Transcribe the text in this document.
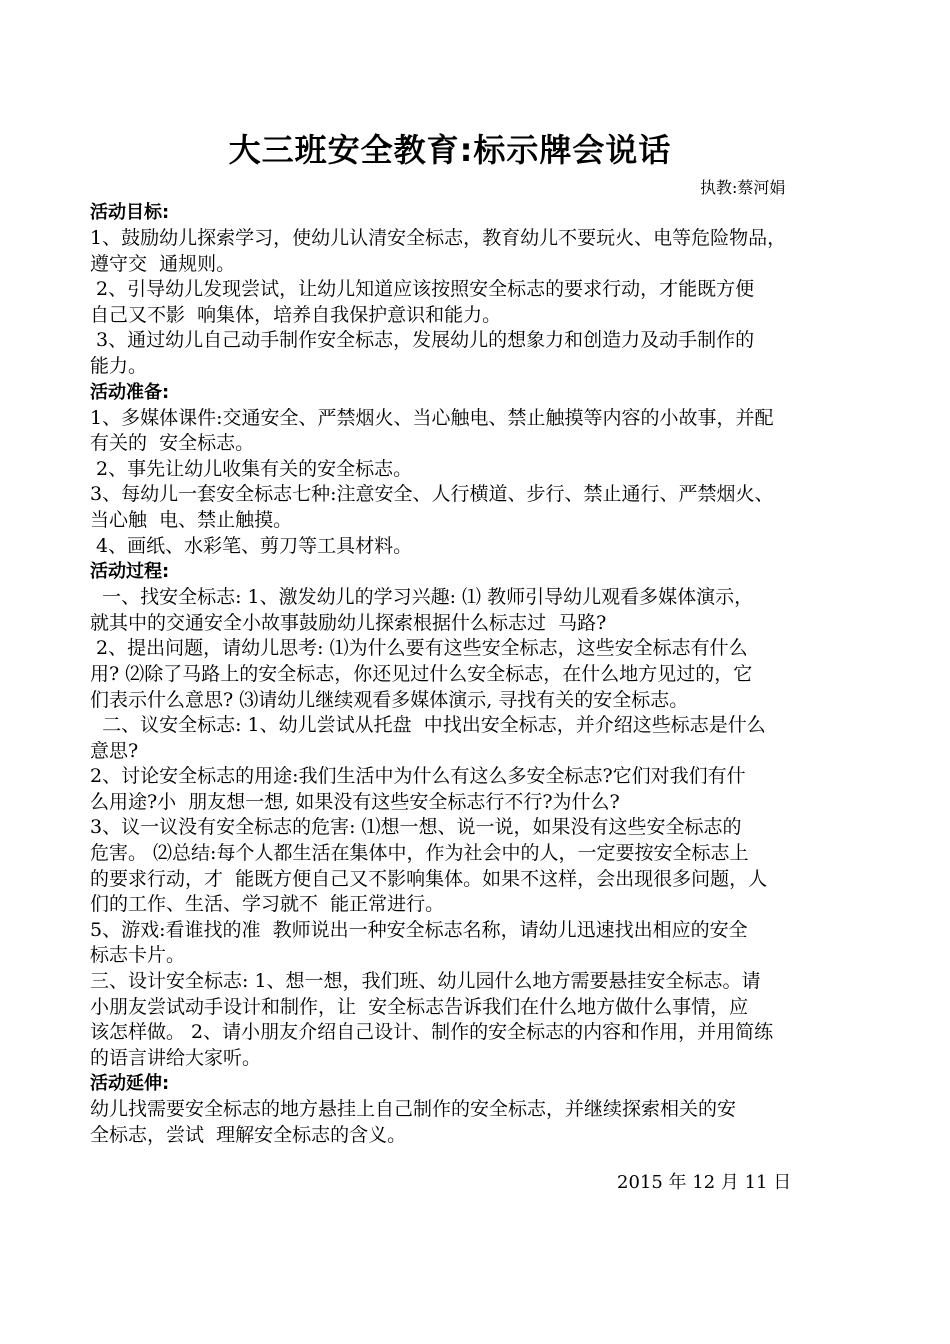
大三班安全教育:标示牌会说话
执教:蔡河娟
活动目标:
1、鼓励幼儿探索学习，使幼儿认清安全标志，教育幼儿不要玩火、电等危险物品，
遵守交  通规则。
2、引导幼儿发现尝试，让幼儿知道应该按照安全标志的要求行动，才能既方便
自己又不影  响集体，培养自我保护意识和能力。
3、通过幼儿自己动手制作安全标志，发展幼儿的想象力和创造力及动手制作的
能力。
活动准备:
1、多媒体课件:交通安全、严禁烟火、当心触电、禁止触摸等内容的小故事，并配
有关的  安全标志。
2、事先让幼儿收集有关的安全标志。
3、每幼儿一套安全标志七种:注意安全、人行横道、步行、禁止通行、严禁烟火、
当心触  电、禁止触摸。
4、画纸、水彩笔、剪刀等工具材料。
活动过程:
一、找安全标志: 1、激发幼儿的学习兴趣: ⑴ 教师引导幼儿观看多媒体演示，
就其中的交通安全小故事鼓励幼儿探索根据什么标志过  马路?
2、提出问题，请幼儿思考: ⑴为什么要有这些安全标志，这些安全标志有什么
用? ⑵除了马路上的安全标志，你还见过什么安全标志，在什么地方见过的，它
们表示什么意思? ⑶请幼儿继续观看多媒体演示, 寻找有关的安全标志。
二、议安全标志: 1、幼儿尝试从托盘  中找出安全标志，并介绍这些标志是什么
意思?
2、讨论安全标志的用途:我们生活中为什么有这么多安全标志?它们对我们有什
么用途?小  朋友想一想, 如果没有这些安全标志行不行?为什么?
3、议一议没有安全标志的危害: ⑴想一想、说一说，如果没有这些安全标志的
危害。 ⑵总结:每个人都生活在集体中，作为社会中的人，一定要按安全标志上
的要求行动，才  能既方便自己又不影响集体。如果不这样，会出现很多问题，人
们的工作、生活、学习就不  能正常进行。
5、游戏:看谁找的准  教师说出一种安全标志名称，请幼儿迅速找出相应的安全
标志卡片。
三、设计安全标志: 1、想一想，我们班、幼儿园什么地方需要悬挂安全标志。请
小朋友尝试动手设计和制作，让  安全标志告诉我们在什么地方做什么事情，应
该怎样做。 2、请小朋友介绍自己设计、制作的安全标志的内容和作用，并用简练
的语言讲给大家听。
活动延伸:
幼儿找需要安全标志的地方悬挂上自己制作的安全标志，并继续探索相关的安
全标志，尝试  理解安全标志的含义。
2015 年 12 月 11 日
